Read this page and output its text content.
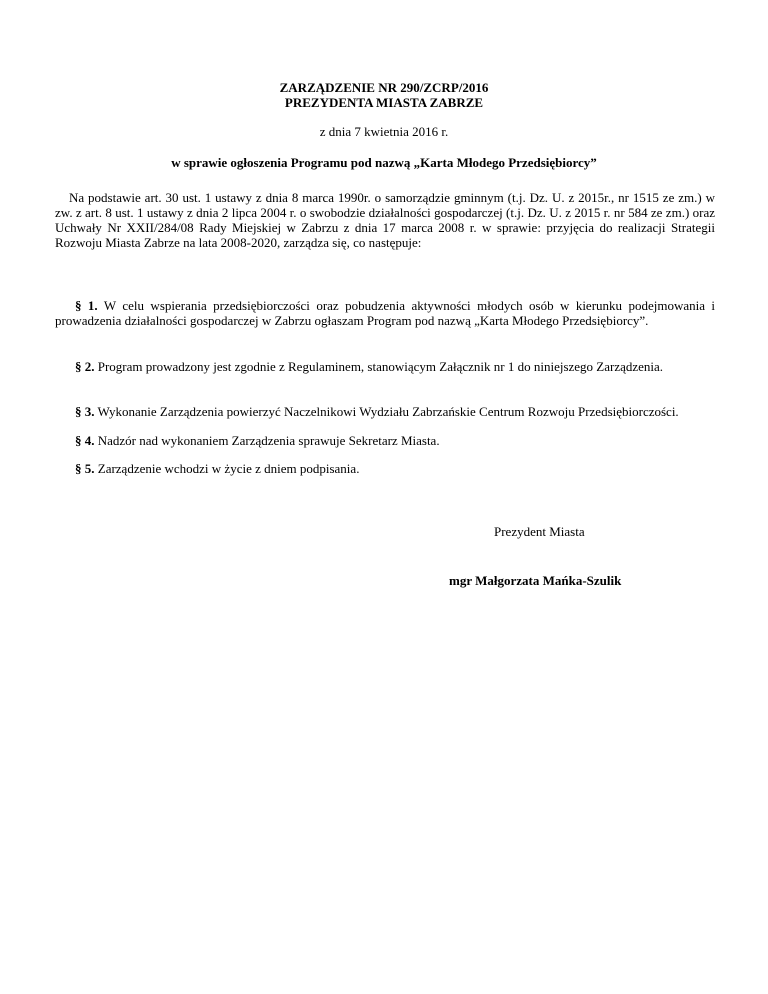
ZARZĄDZENIE NR 290/ZCRP/2016
PREZYDENTA MIASTA ZABRZE
z dnia 7 kwietnia 2016 r.
w sprawie ogłoszenia Programu pod nazwą „Karta Młodego Przedsiębiorcy”
Na podstawie art. 30 ust. 1 ustawy z dnia 8 marca 1990r. o samorządzie gminnym (t.j. Dz. U. z 2015r., nr 1515 ze zm.) w zw. z art. 8 ust. 1 ustawy z dnia 2 lipca 2004 r. o swobodzie działalności gospodarczej (t.j. Dz. U. z 2015 r. nr 584 ze zm.) oraz Uchwały Nr XXII/284/08 Rady Miejskiej w Zabrzu z dnia 17 marca 2008 r. w sprawie: przyjęcia do realizacji Strategii Rozwoju Miasta Zabrze na lata 2008-2020, zarządza się, co następuje:
§ 1. W celu wspierania przedsiębiorczości oraz pobudzenia aktywności młodych osób w kierunku podejmowania i prowadzenia działalności gospodarczej w Zabrzu ogłaszam Program pod nazwą „Karta Młodego Przedsiębiorcy”.
§ 2. Program prowadzony jest zgodnie z Regulaminem, stanowiącym Załącznik nr 1 do niniejszego Zarządzenia.
§ 3. Wykonanie Zarządzenia powierzyć Naczelnikowi Wydziału Zabrzańskie Centrum Rozwoju Przedsiębiorczości.
§ 4. Nadzór nad wykonaniem Zarządzenia sprawuje Sekretarz Miasta.
§ 5. Zarządzenie wchodzi w życie z dniem podpisania.
Prezydent Miasta
mgr Małgorzata Mańka-Szulik
